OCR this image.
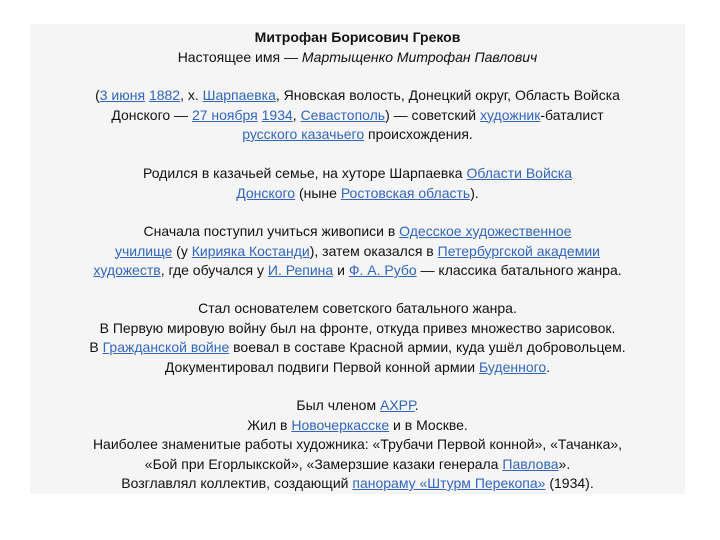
Митрофан Борисович Греков
Настоящее имя — Мартыщенко Митрофан Павлович
(3 июня 1882, х. Шарпаевка, Яновская волость, Донецкий округ, Область Войска
Донского — 27 ноября 1934, Севастополь) — советский художник-баталист
русского казачьего происхождения.
Родился в казачьей семье, на хуторе Шарпаевка Области Войска
Донского (ныне Ростовская область).
Сначала поступил учиться живописи в Одесское художественное
училище (у Кирияка Костанди), затем оказался в Петербургской академии
художеств, где обучался у И. Репина и Ф. А. Рубо — классика батального жанра.
Стал основателем советского батального жанра.
В Первую мировую войну был на фронте, откуда привез множество зарисовок.
В Гражданской войне воевал в составе Красной армии, куда ушёл добровольцем.
Документировал подвиги Первой конной армии Буденного.
Был членом АХРР.
Жил в Новочеркасске и в Москве.
Наиболее знаменитые работы художника: «Трубачи Первой конной», «Тачанка»,
«Бой при Егорлыкской», «Замерзшие казаки генерала Павлова».
Возглавлял коллектив, создающий панораму «Штурм Перекопа» (1934).
